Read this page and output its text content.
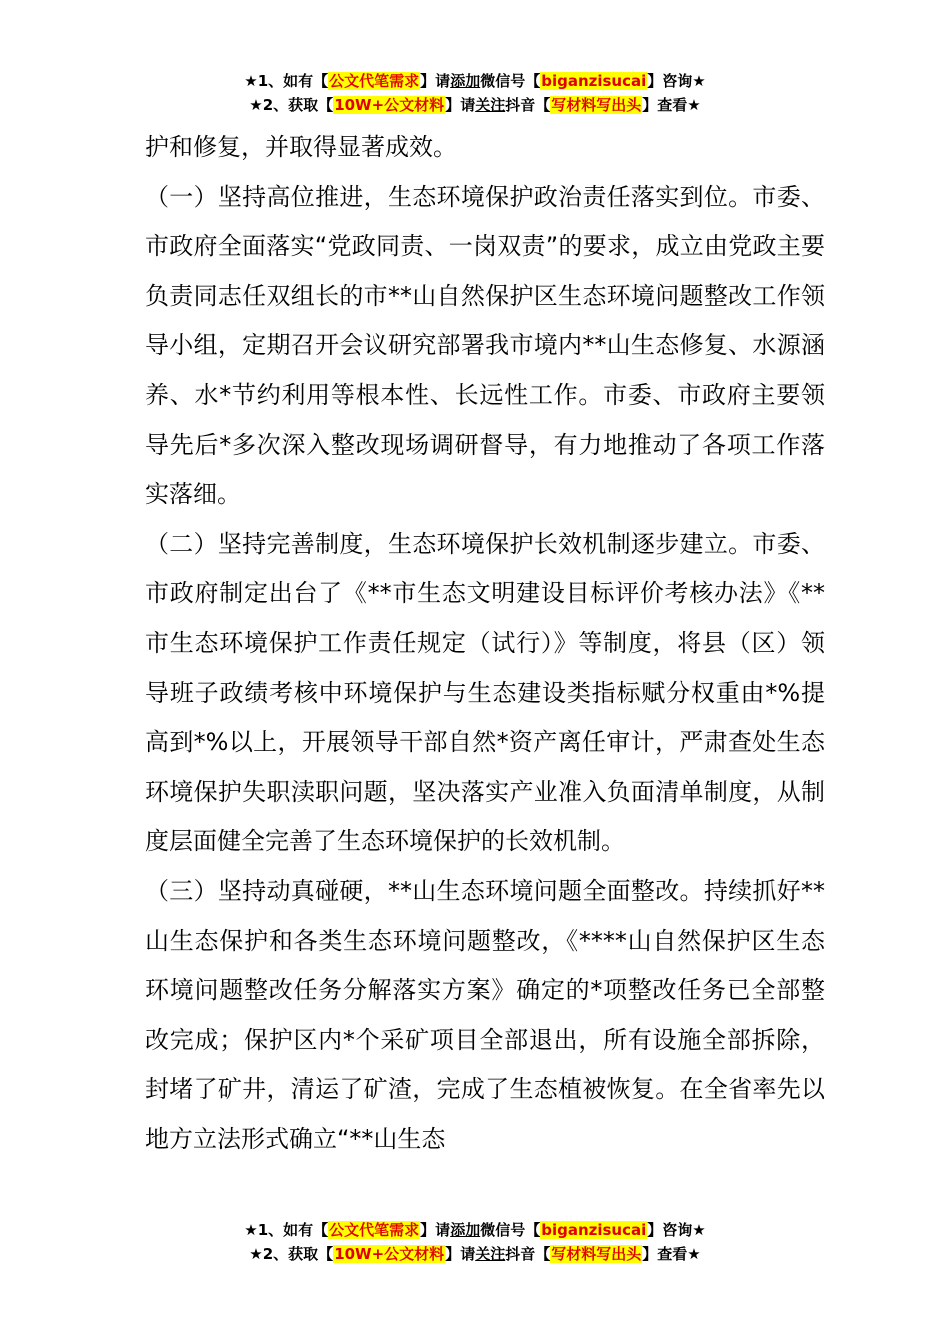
★1、如有【公文代笔需求】请添加微信号【biganzisucai】咨询★
★2、获取【10W+公文材料】请关注抖音【写材料写出头】查看★

护和修复，并取得显著成效。

（一）坚持高位推进，生态环境保护政治责任落实到位。市委、市政府全面落实“党政同责、一岗双责”的要求，成立由党政主要负责同志任双组长的市**山自然保护区生态环境问题整改工作领导小组，定期召开会议研究部署我市境内**山生态修复、水源涵养、水*节约利用等根本性、长远性工作。市委、市政府主要领导先后*多次深入整改现场调研督导，有力地推动了各项工作落实落细。

（二）坚持完善制度，生态环境保护长效机制逐步建立。市委、市政府制定出台了《**市生态文明建设目标评价考核办法》《**市生态环境保护工作责任规定（试行）》等制度，将县（区）领导班子政绩考核中环境保护与生态建设类指标赋分权重由*%提高到*%以上，开展领导干部自然*资产离任审计，严肃查处生态环境保护失职渎职问题，坚决落实产业准入负面清单制度，从制度层面健全完善了生态环境保护的长效机制。

（三）坚持动真碰硬，**山生态环境问题全面整改。持续抓好**山生态保护和各类生态环境问题整改，《****山自然保护区生态环境问题整改任务分解落实方案》确定的*项整改任务已全部整改完成；保护区内*个采矿项目全部退出，所有设施全部拆除，封堵了矿井，清运了矿渣，完成了生态植被恢复。在全省率先以地方立法形式确立“**山生态

★1、如有【公文代笔需求】请添加微信号【biganzisucai】咨询★
★2、获取【10W+公文材料】请关注抖音【写材料写出头】查看★
